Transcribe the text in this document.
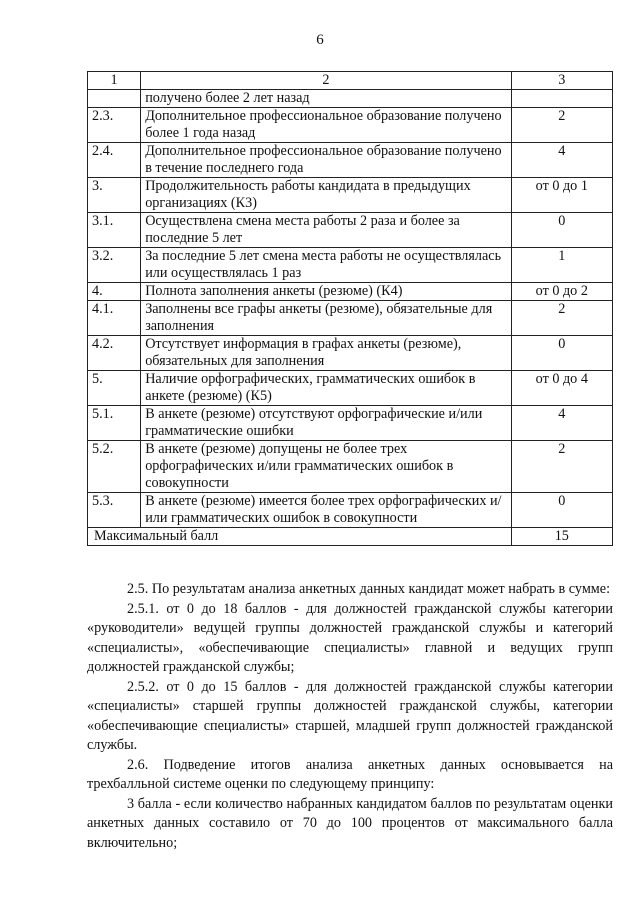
6
1	2	3
	получено более 2 лет назад	
2.3.	Дополнительное профессиональное образование получено более 1 года назад	2
2.4.	Дополнительное профессиональное образование получено в течение последнего года	4
3.	Продолжительность работы кандидата в предыдущих организациях (К3)	от 0 до 1
3.1.	Осуществлена смена места работы 2 раза и более за последние 5 лет	0
3.2.	За последние 5 лет смена места работы не осуществлялась или осуществлялась 1 раз	1
4.	Полнота заполнения анкеты (резюме) (К4)	от 0 до 2
4.1.	Заполнены все графы анкеты (резюме), обязательные для заполнения	2
4.2.	Отсутствует информация в графах анкеты (резюме), обязательных для заполнения	0
5.	Наличие орфографических, грамматических ошибок в анкете (резюме) (К5)	от 0 до 4
5.1.	В анкете (резюме) отсутствуют орфографические и/или грамматические ошибки	4
5.2.	В анкете (резюме) допущены не более трех орфографических и/или грамматических ошибок в совокупности	2
5.3.	В анкете (резюме) имеется более трех орфографических и/или грамматических ошибок в совокупности	0
Максимальный балл		15

2.5. По результатам анализа анкетных данных кандидат может набрать в сумме:

2.5.1. от 0 до 18 баллов - для должностей гражданской службы категории «руководители» ведущей группы должностей гражданской службы и категорий «специалисты», «обеспечивающие специалисты» главной и ведущих групп должностей гражданской службы;

2.5.2. от 0 до 15 баллов - для должностей гражданской службы категории «специалисты» старшей группы должностей гражданской службы, категории «обеспечивающие специалисты» старшей, младшей групп должностей гражданской службы.

2.6. Подведение итогов анализа анкетных данных основывается на трехбалльной системе оценки по следующему принципу:

3 балла - если количество набранных кандидатом баллов по результатам оценки анкетных данных составило от 70 до 100 процентов от максимального балла включительно;
